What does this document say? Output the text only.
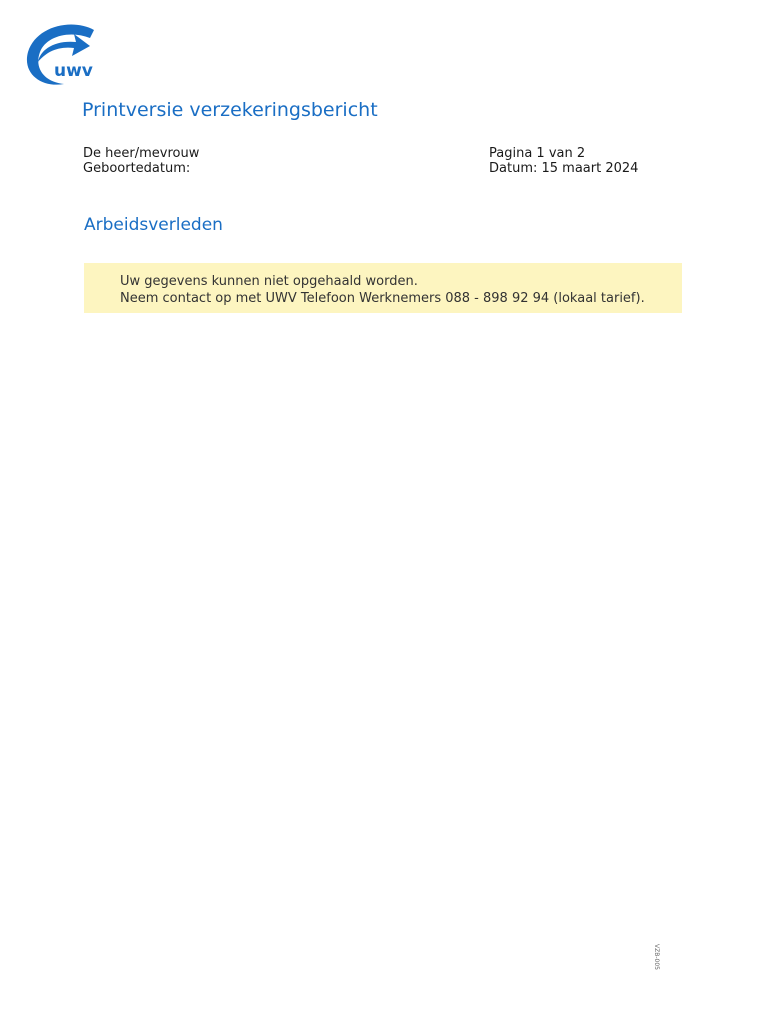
uwv
Printversie verzekeringsbericht
De heer/mevrouw
Geboortedatum:
Pagina 1 van 2
Datum: 15 maart 2024
Arbeidsverleden
Uw gegevens kunnen niet opgehaald worden.
Neem contact op met UWV Telefoon Werknemers 088 - 898 92 94 (lokaal tarief).
VZB-005
